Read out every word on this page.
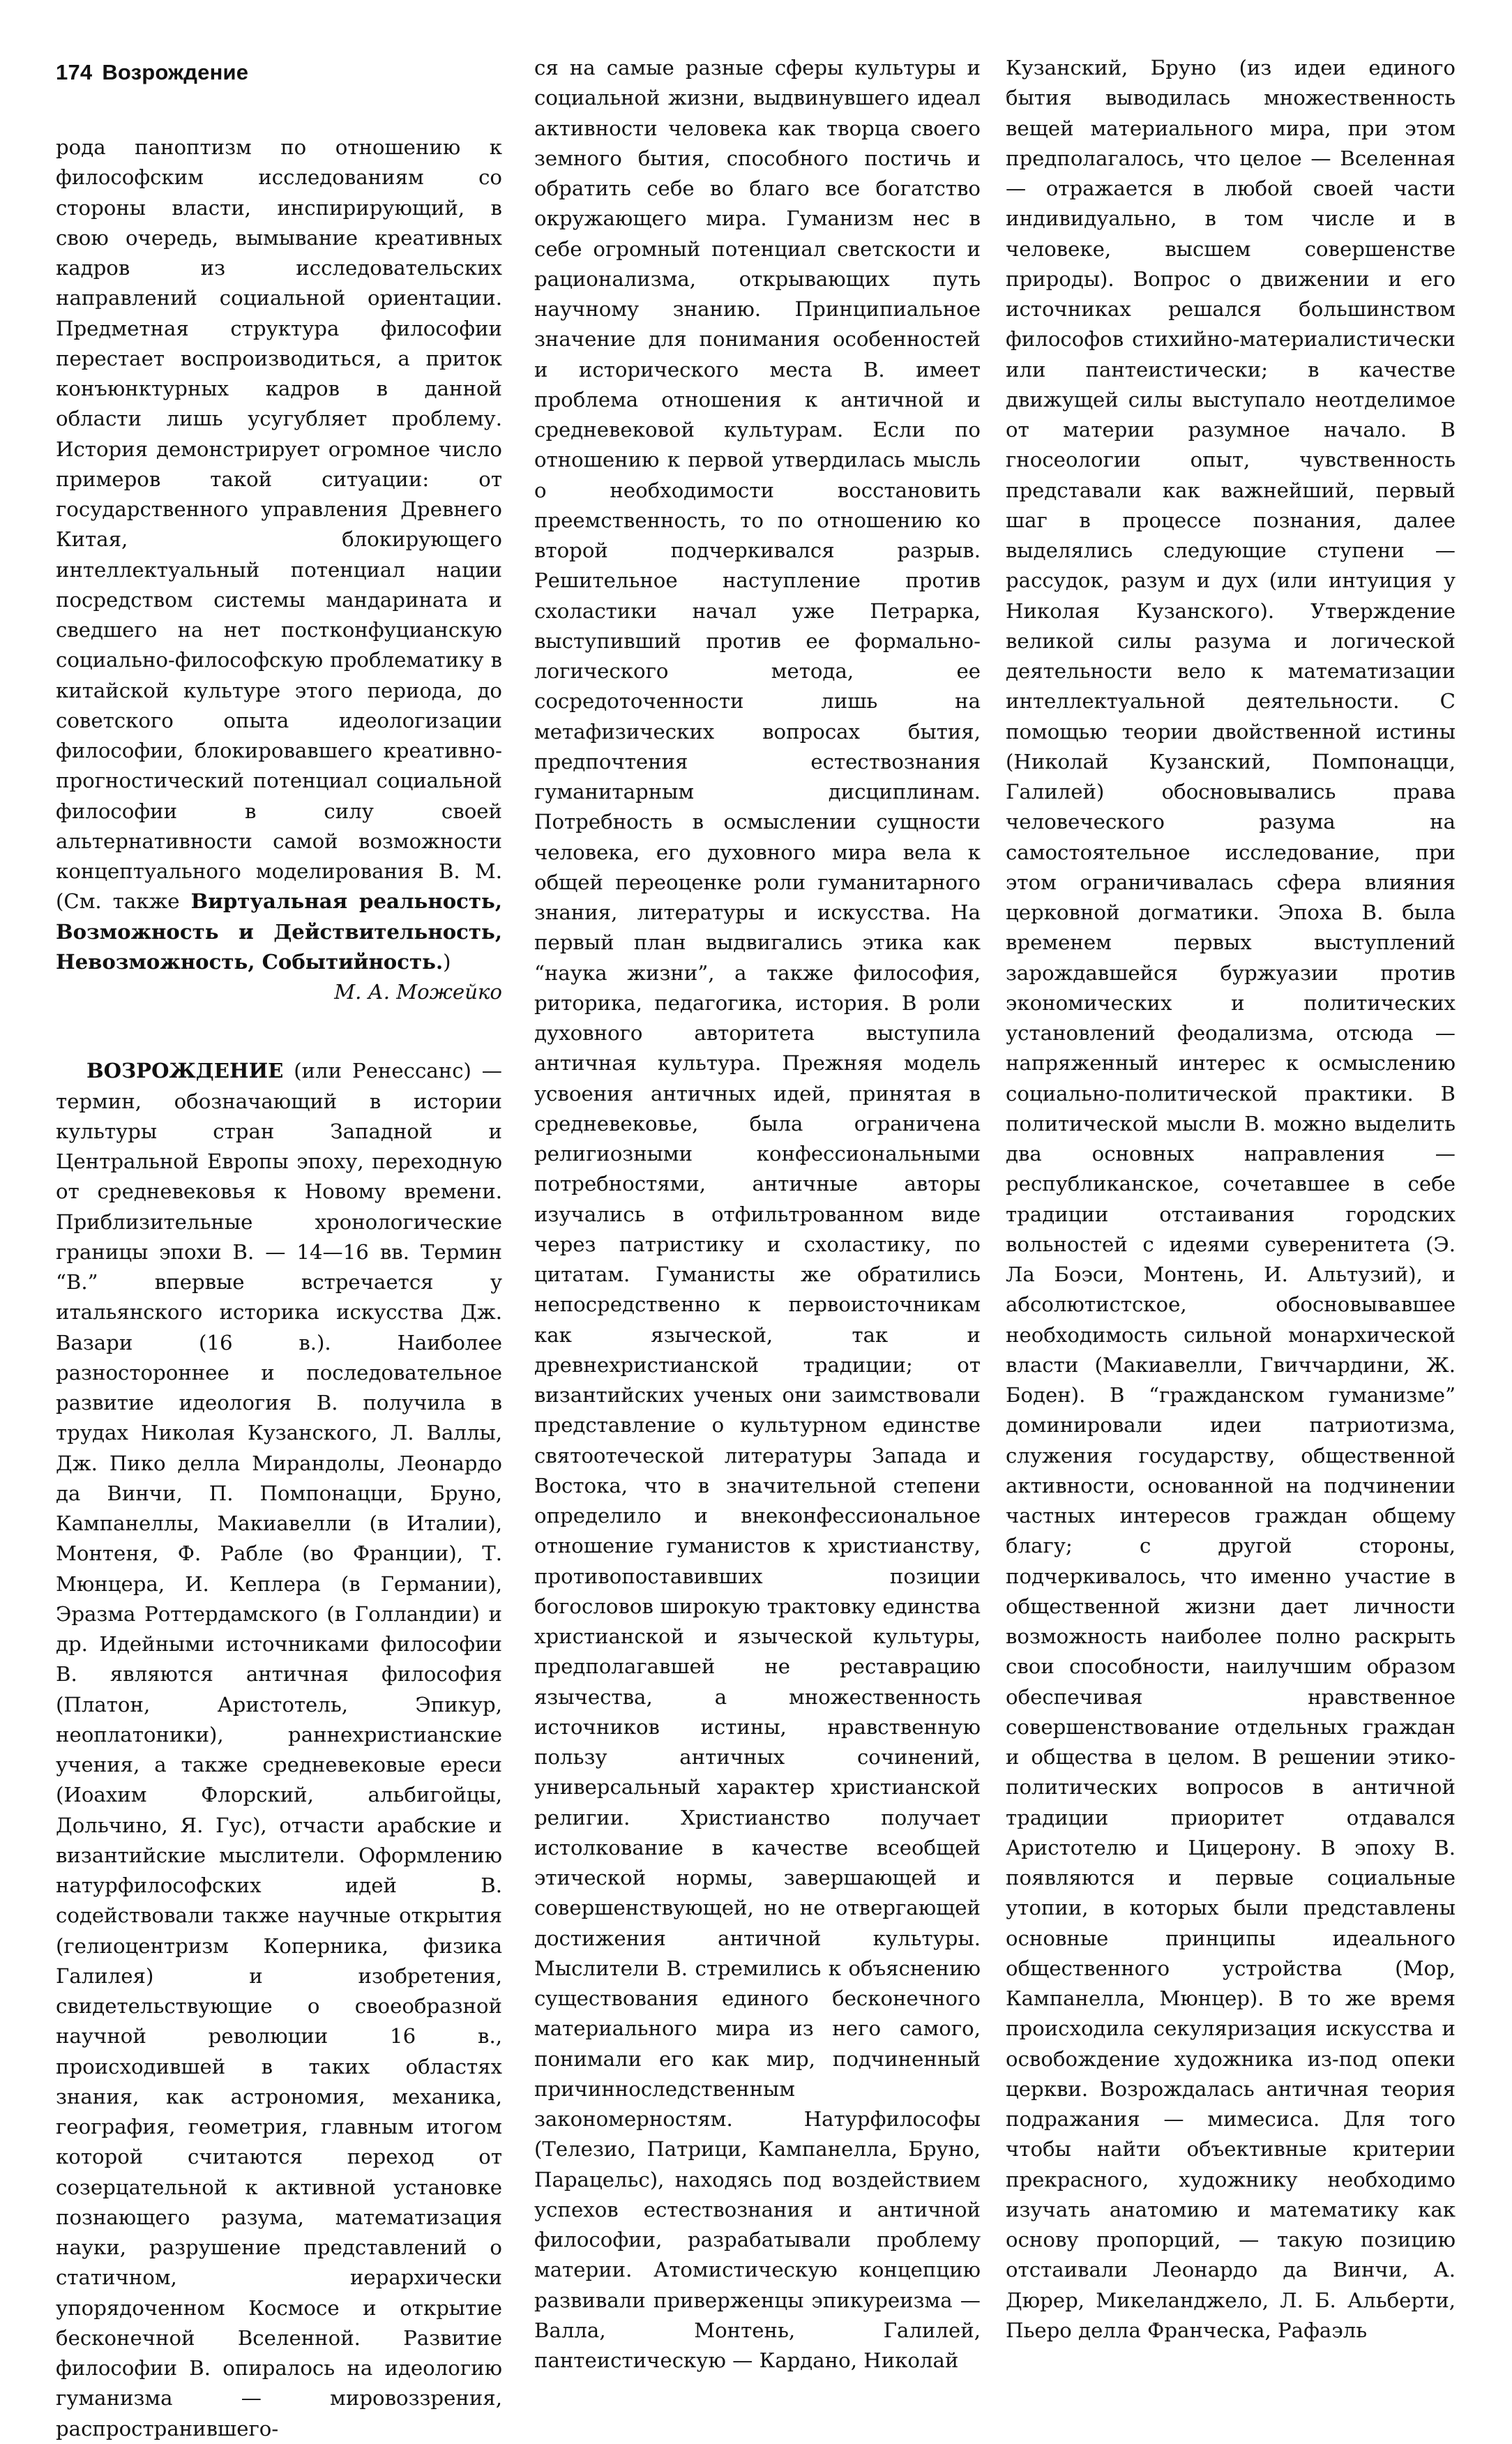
174 Возрождение

рода паноптизм по отношению к философским исследованиям со стороны власти, инспирирующий, в свою очередь, вымывание креативных кадров из исследовательских направлений социальной ориентации. Предметная структура философии перестает воспроизводиться, а приток конъюнктурных кадров в данной области лишь усугубляет проблему. История демонстрирует огромное число примеров такой ситуации: от государственного управления Древнего Китая, блокирующего интеллектуальный потенциал нации посредством системы мандарината и сведшего на нет постконфуцианскую социально-философскую проблематику в китайской культуре этого периода, до советского опыта идеологизации философии, блокировавшего креативно-прогностический потенциал социальной философии в силу своей альтернативности самой возможности концептуального моделирования В. М. (См. также Виртуальная реальность, Возможность и Действительность, Невозможность, Событийность.)

М. А. Можейко

ВОЗРОЖДЕНИЕ (или Ренессанс) — термин, обозначающий в истории культуры стран Западной и Центральной Европы эпоху, переходную от средневековья к Новому времени. Приблизительные хронологические границы эпохи В. — 14—16 вв. Термин “В.” впервые встречается у итальянского историка искусства Дж. Вазари (16 в.). Наиболее разностороннее и последовательное развитие идеология В. получила в трудах Николая Кузанского, Л. Валлы, Дж. Пико делла Мирандолы, Леонардо да Винчи, П. Помпонацци, Бруно, Кампанеллы, Макиавелли (в Италии), Монтеня, Ф. Рабле (во Франции), Т. Мюнцера, И. Кеплера (в Германии), Эразма Роттердамского (в Голландии) и др. Идейными источниками философии В. являются античная философия (Платон, Аристотель, Эпикур, неоплатоники), раннехристианские учения, а также средневековые ереси (Иоахим Флорский, альбигойцы, Дольчино, Я. Гус), отчасти арабские и византийские мыслители. Оформлению натурфилософских идей В. содействовали также научные открытия (гелиоцентризм Коперника, физика Галилея) и изобретения, свидетельствующие о своеобразной научной революции 16 в., происходившей в таких областях знания, как астрономия, механика, география, геометрия, главным итогом которой считаются переход от созерцательной к активной установке познающего разума, математизация науки, разрушение представлений о статичном, иерархически упорядоченном Космосе и открытие бесконечной Вселенной. Развитие философии В. опиралось на идеологию гуманизма — мировоззрения, распространившего-

ся на самые разные сферы культуры и социальной жизни, выдвинувшего идеал активности человека как творца своего земного бытия, способного постичь и обратить себе во благо все богатство окружающего мира. Гуманизм нес в себе огромный потенциал светскости и рационализма, открывающих путь научному знанию. Принципиальное значение для понимания особенностей и исторического места В. имеет проблема отношения к античной и средневековой культурам. Если по отношению к первой утвердилась мысль о необходимости восстановить преемственность, то по отношению ко второй подчеркивался разрыв. Решительное наступление против схоластики начал уже Петрарка, выступивший против ее формально-логического метода, ее сосредоточенности лишь на метафизических вопросах бытия, предпочтения естествознания гуманитарным дисциплинам. Потребность в осмыслении сущности человека, его духовного мира вела к общей переоценке роли гуманитарного знания, литературы и искусства. На первый план выдвигались этика как “наука жизни”, а также философия, риторика, педагогика, история. В роли духовного авторитета выступила античная культура. Прежняя модель усвоения античных идей, принятая в средневековье, была ограничена религиозными конфессиональными потребностями, античные авторы изучались в отфильтрованном виде через патристику и схоластику, по цитатам. Гуманисты же обратились непосредственно к первоисточникам как языческой, так и древнехристианской традиции; от византийских ученых они заимствовали представление о культурном единстве святоотеческой литературы Запада и Востока, что в значительной степени определило и внеконфессиональное отношение гуманистов к христианству, противопоставивших позиции богословов широкую трактовку единства христианской и языческой культуры, предполагавшей не реставрацию язычества, а множественность источников истины, нравственную пользу античных сочинений, универсальный характер христианской религии. Христианство получает истолкование в качестве всеобщей этической нормы, завершающей и совершенствующей, но не отвергающей достижения античной культуры. Мыслители В. стремились к объяснению существования единого бесконечного материального мира из него самого, понимали его как мир, подчиненный причинноследственным закономерностям. Натурфилософы (Телезио, Патрици, Кампанелла, Бруно, Парацельс), находясь под воздействием успехов естествознания и античной философии, разрабатывали проблему материи. Атомистическую концепцию развивали приверженцы эпикуреизма — Валла, Монтень, Галилей, пантеистическую — Кардано, Николай

Кузанский, Бруно (из идеи единого бытия выводилась множественность вещей материального мира, при этом предполагалось, что целое — Вселенная — отражается в любой своей части индивидуально, в том числе и в человеке, высшем совершенстве природы). Вопрос о движении и его источниках решался большинством философов стихийно-материалистически или пантеистически; в качестве движущей силы выступало неотделимое от материи разумное начало. В гносеологии опыт, чувственность представали как важнейший, первый шаг в процессе познания, далее выделялись следующие ступени — рассудок, разум и дух (или интуиция у Николая Кузанского). Утверждение великой силы разума и логической деятельности вело к математизации интеллектуальной деятельности. С помощью теории двойственной истины (Николай Кузанский, Помпонацци, Галилей) обосновывались права человеческого разума на самостоятельное исследование, при этом ограничивалась сфера влияния церковной догматики. Эпоха В. была временем первых выступлений зарождавшейся буржуазии против экономических и политических установлений феодализма, отсюда — напряженный интерес к осмыслению социально-политической практики. В политической мысли В. можно выделить два основных направления — республиканское, сочетавшее в себе традиции отстаивания городских вольностей с идеями суверенитета (Э. Ла Боэси, Монтень, И. Альтузий), и абсолютистское, обосновывавшее необходимость сильной монархической власти (Макиавелли, Гвиччардини, Ж. Боден). В “гражданском гуманизме” доминировали идеи патриотизма, служения государству, общественной активности, основанной на подчинении частных интересов граждан общему благу; с другой стороны, подчеркивалось, что именно участие в общественной жизни дает личности возможность наиболее полно раскрыть свои способности, наилучшим образом обеспечивая нравственное совершенствование отдельных граждан и общества в целом. В решении этико-политических вопросов в античной традиции приоритет отдавался Аристотелю и Цицерону. В эпоху В. появляются и первые социальные утопии, в которых были представлены основные принципы идеального общественного устройства (Мор, Кампанелла, Мюнцер). В то же время происходила секуляризация искусства и освобождение художника из-под опеки церкви. Возрождалась античная теория подражания — мимесиса. Для того чтобы найти объективные критерии прекрасного, художнику необходимо изучать анатомию и математику как основу пропорций, — такую позицию отстаивали Леонардо да Винчи, А. Дюрер, Микеланджело, Л. Б. Альберти, Пьеро делла Франческа, Рафаэль
